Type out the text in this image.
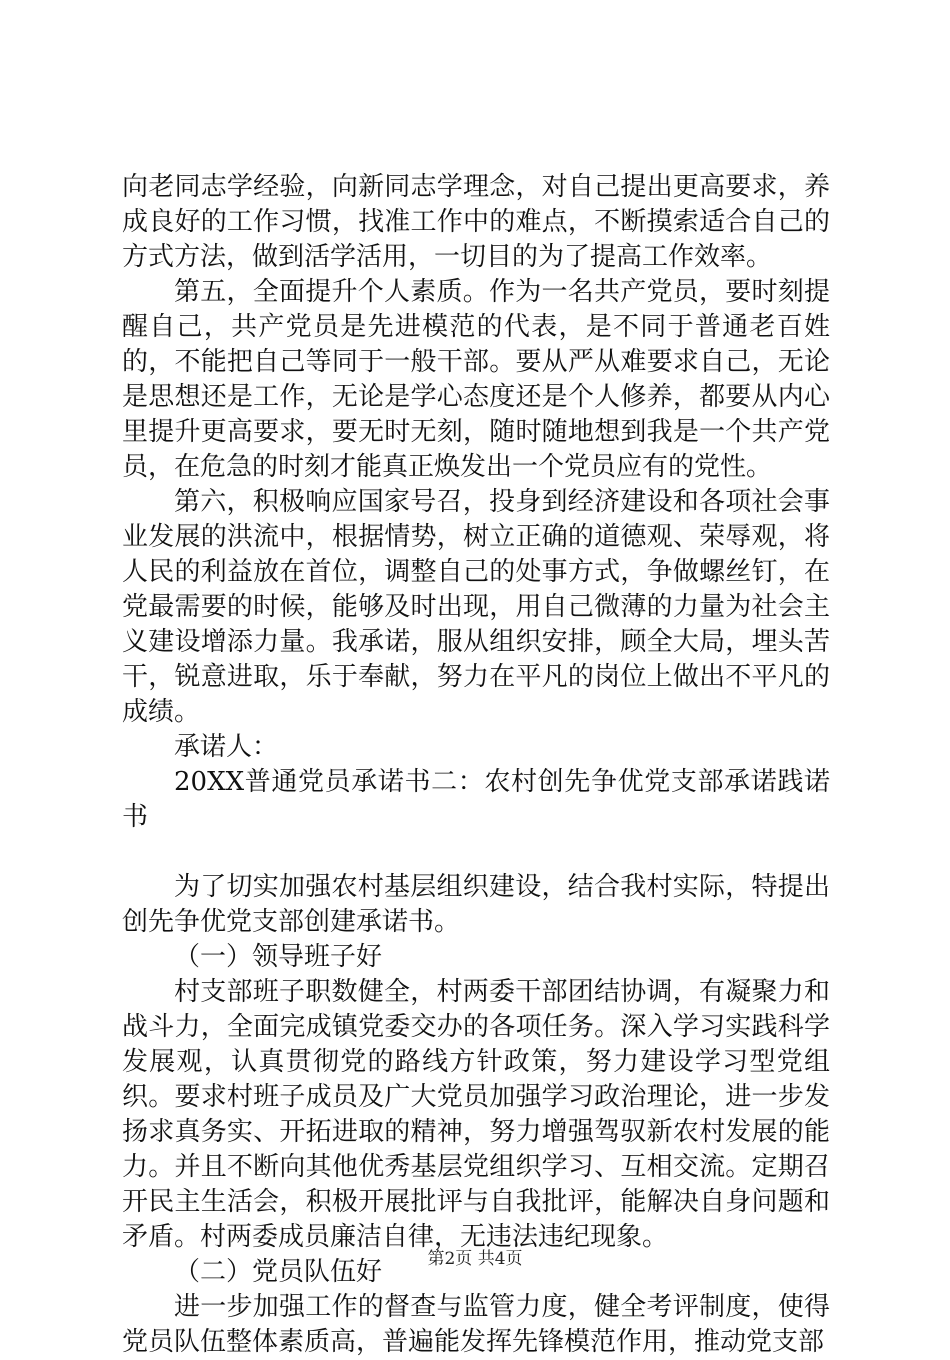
向老同志学经验，向新同志学理念，对自己提出更高要求，养成良好的工作习惯，找准工作中的难点，不断摸索适合自己的方式方法，做到活学活用，一切目的为了提高工作效率。

第五，全面提升个人素质。作为一名共产党员，要时刻提醒自己，共产党员是先进模范的代表，是不同于普通老百姓的，不能把自己等同于一般干部。要从严从难要求自己，无论是思想还是工作，无论是学心态度还是个人修养，都要从内心里提升更高要求，要无时无刻，随时随地想到我是一个共产党员，在危急的时刻才能真正焕发出一个党员应有的党性。

第六，积极响应国家号召，投身到经济建设和各项社会事业发展的洪流中，根据情势，树立正确的道德观、荣辱观，将人民的利益放在首位，调整自己的处事方式，争做螺丝钉，在党最需要的时候，能够及时出现，用自己微薄的力量为社会主义建设增添力量。我承诺，服从组织安排，顾全大局，埋头苦干，锐意进取，乐于奉献，努力在平凡的岗位上做出不平凡的成绩。

承诺人：

20XX普通党员承诺书二：农村创先争优党支部承诺践诺书

为了切实加强农村基层组织建设，结合我村实际，特提出创先争优党支部创建承诺书。

（一）领导班子好

村支部班子职数健全，村两委干部团结协调，有凝聚力和战斗力，全面完成镇党委交办的各项任务。深入学习实践科学发展观，认真贯彻党的路线方针政策，努力建设学习型党组织。要求村班子成员及广大党员加强学习政治理论，进一步发扬求真务实、开拓进取的精神，努力增强驾驭新农村发展的能力。并且不断向其他优秀基层党组织学习、互相交流。定期召开民主生活会，积极开展批评与自我批评，能解决自身问题和矛盾。村两委成员廉洁自律，无违法违纪现象。

（二）党员队伍好

进一步加强工作的督查与监管力度，健全考评制度，使得党员队伍整体素质高，普遍能发挥先锋模范作用，推动党支部

第2页 共4页
